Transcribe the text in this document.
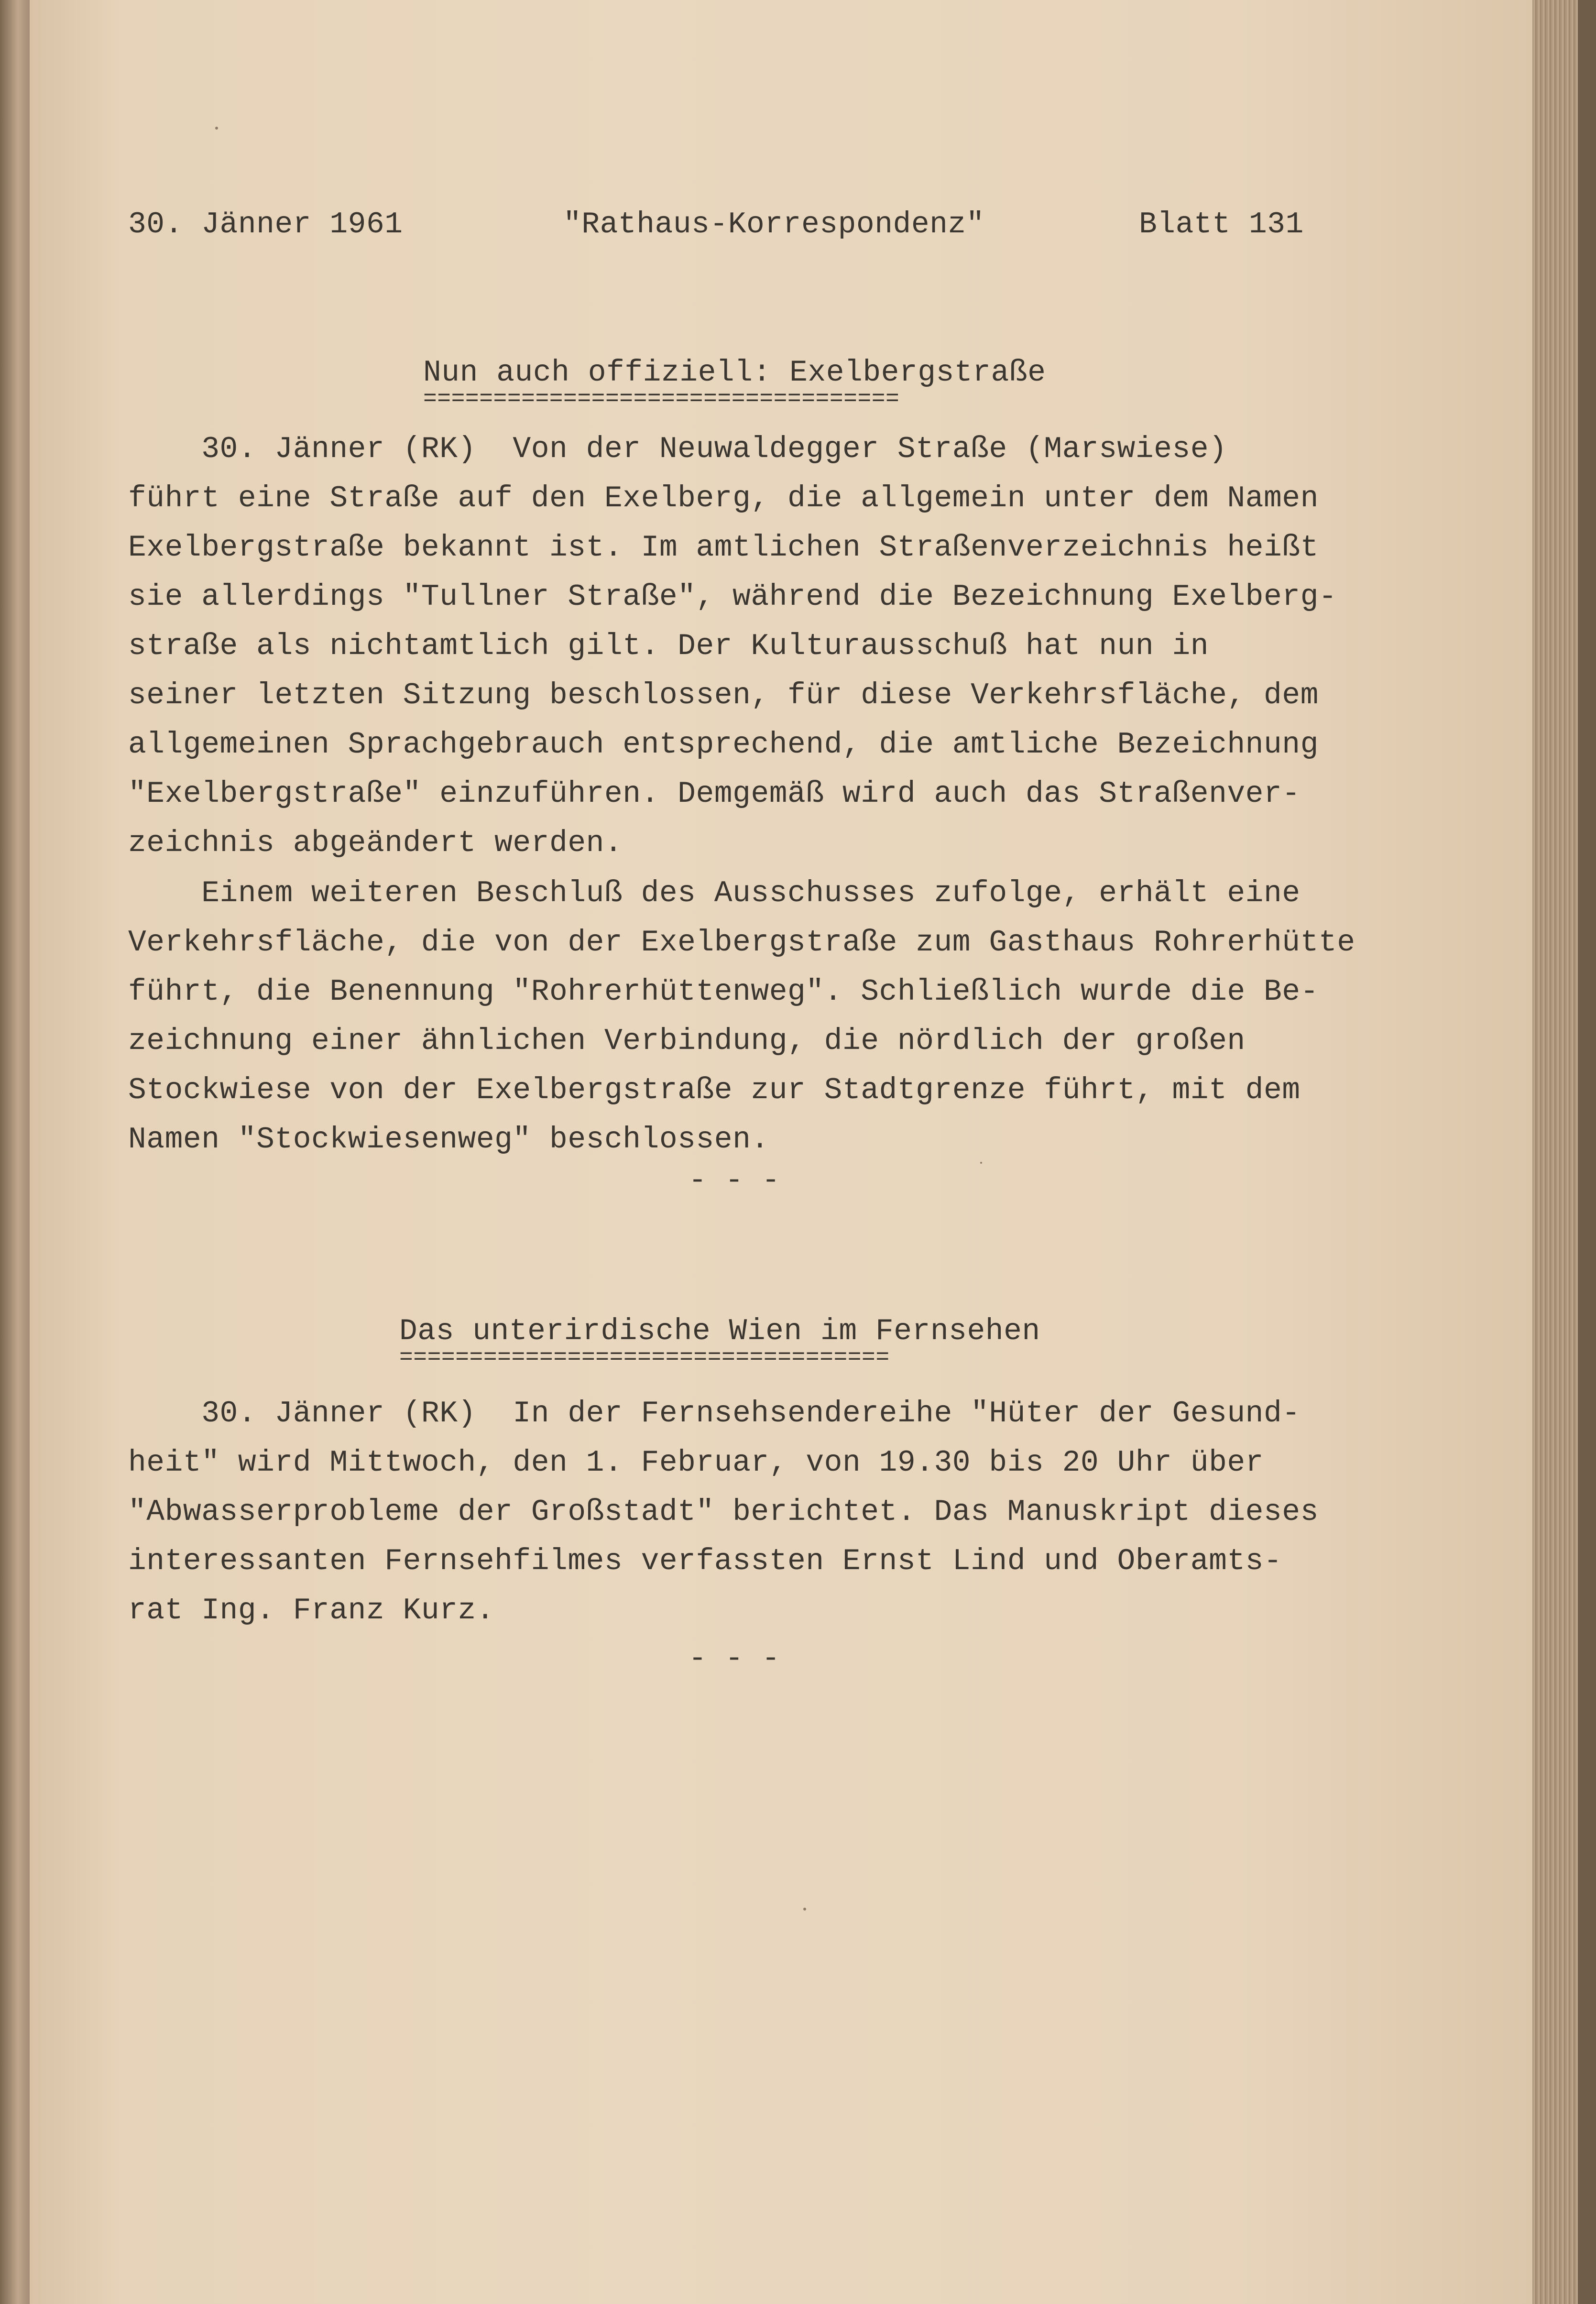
30. Jänner 1961	"Rathaus-Korrespondenz"	Blatt 131
Nun auch offiziell: Exelbergstraße
==================================
30. Jänner (RK)  Von der Neuwaldegger Straße (Marswiese)
führt eine Straße auf den Exelberg, die allgemein unter dem Namen
Exelbergstraße bekannt ist. Im amtlichen Straßenverzeichnis heißt
sie allerdings "Tullner Straße", während die Bezeichnung Exelberg-
straße als nichtamtlich gilt. Der Kulturausschuß hat nun in
seiner letzten Sitzung beschlossen, für diese Verkehrsfläche, dem
allgemeinen Sprachgebrauch entsprechend, die amtliche Bezeichnung
"Exelbergstraße" einzuführen. Demgemäß wird auch das Straßenver-
zeichnis abgeändert werden.
Einem weiteren Beschluß des Ausschusses zufolge, erhält eine
Verkehrsfläche, die von der Exelbergstraße zum Gasthaus Rohrerhütte
führt, die Benennung "Rohrerhüttenweg". Schließlich wurde die Be-
zeichnung einer ähnlichen Verbindung, die nördlich der großen
Stockwiese von der Exelbergstraße zur Stadtgrenze führt, mit dem
Namen "Stockwiesenweg" beschlossen.
- - -
Das unterirdische Wien im Fernsehen
===================================
30. Jänner (RK)  In der Fernsehsendereihe "Hüter der Gesund-
heit" wird Mittwoch, den 1. Februar, von 19.30 bis 20 Uhr über
"Abwasserprobleme der Großstadt" berichtet. Das Manuskript dieses
interessanten Fernsehfilmes verfassten Ernst Lind und Oberamts-
rat Ing. Franz Kurz.
- - -
